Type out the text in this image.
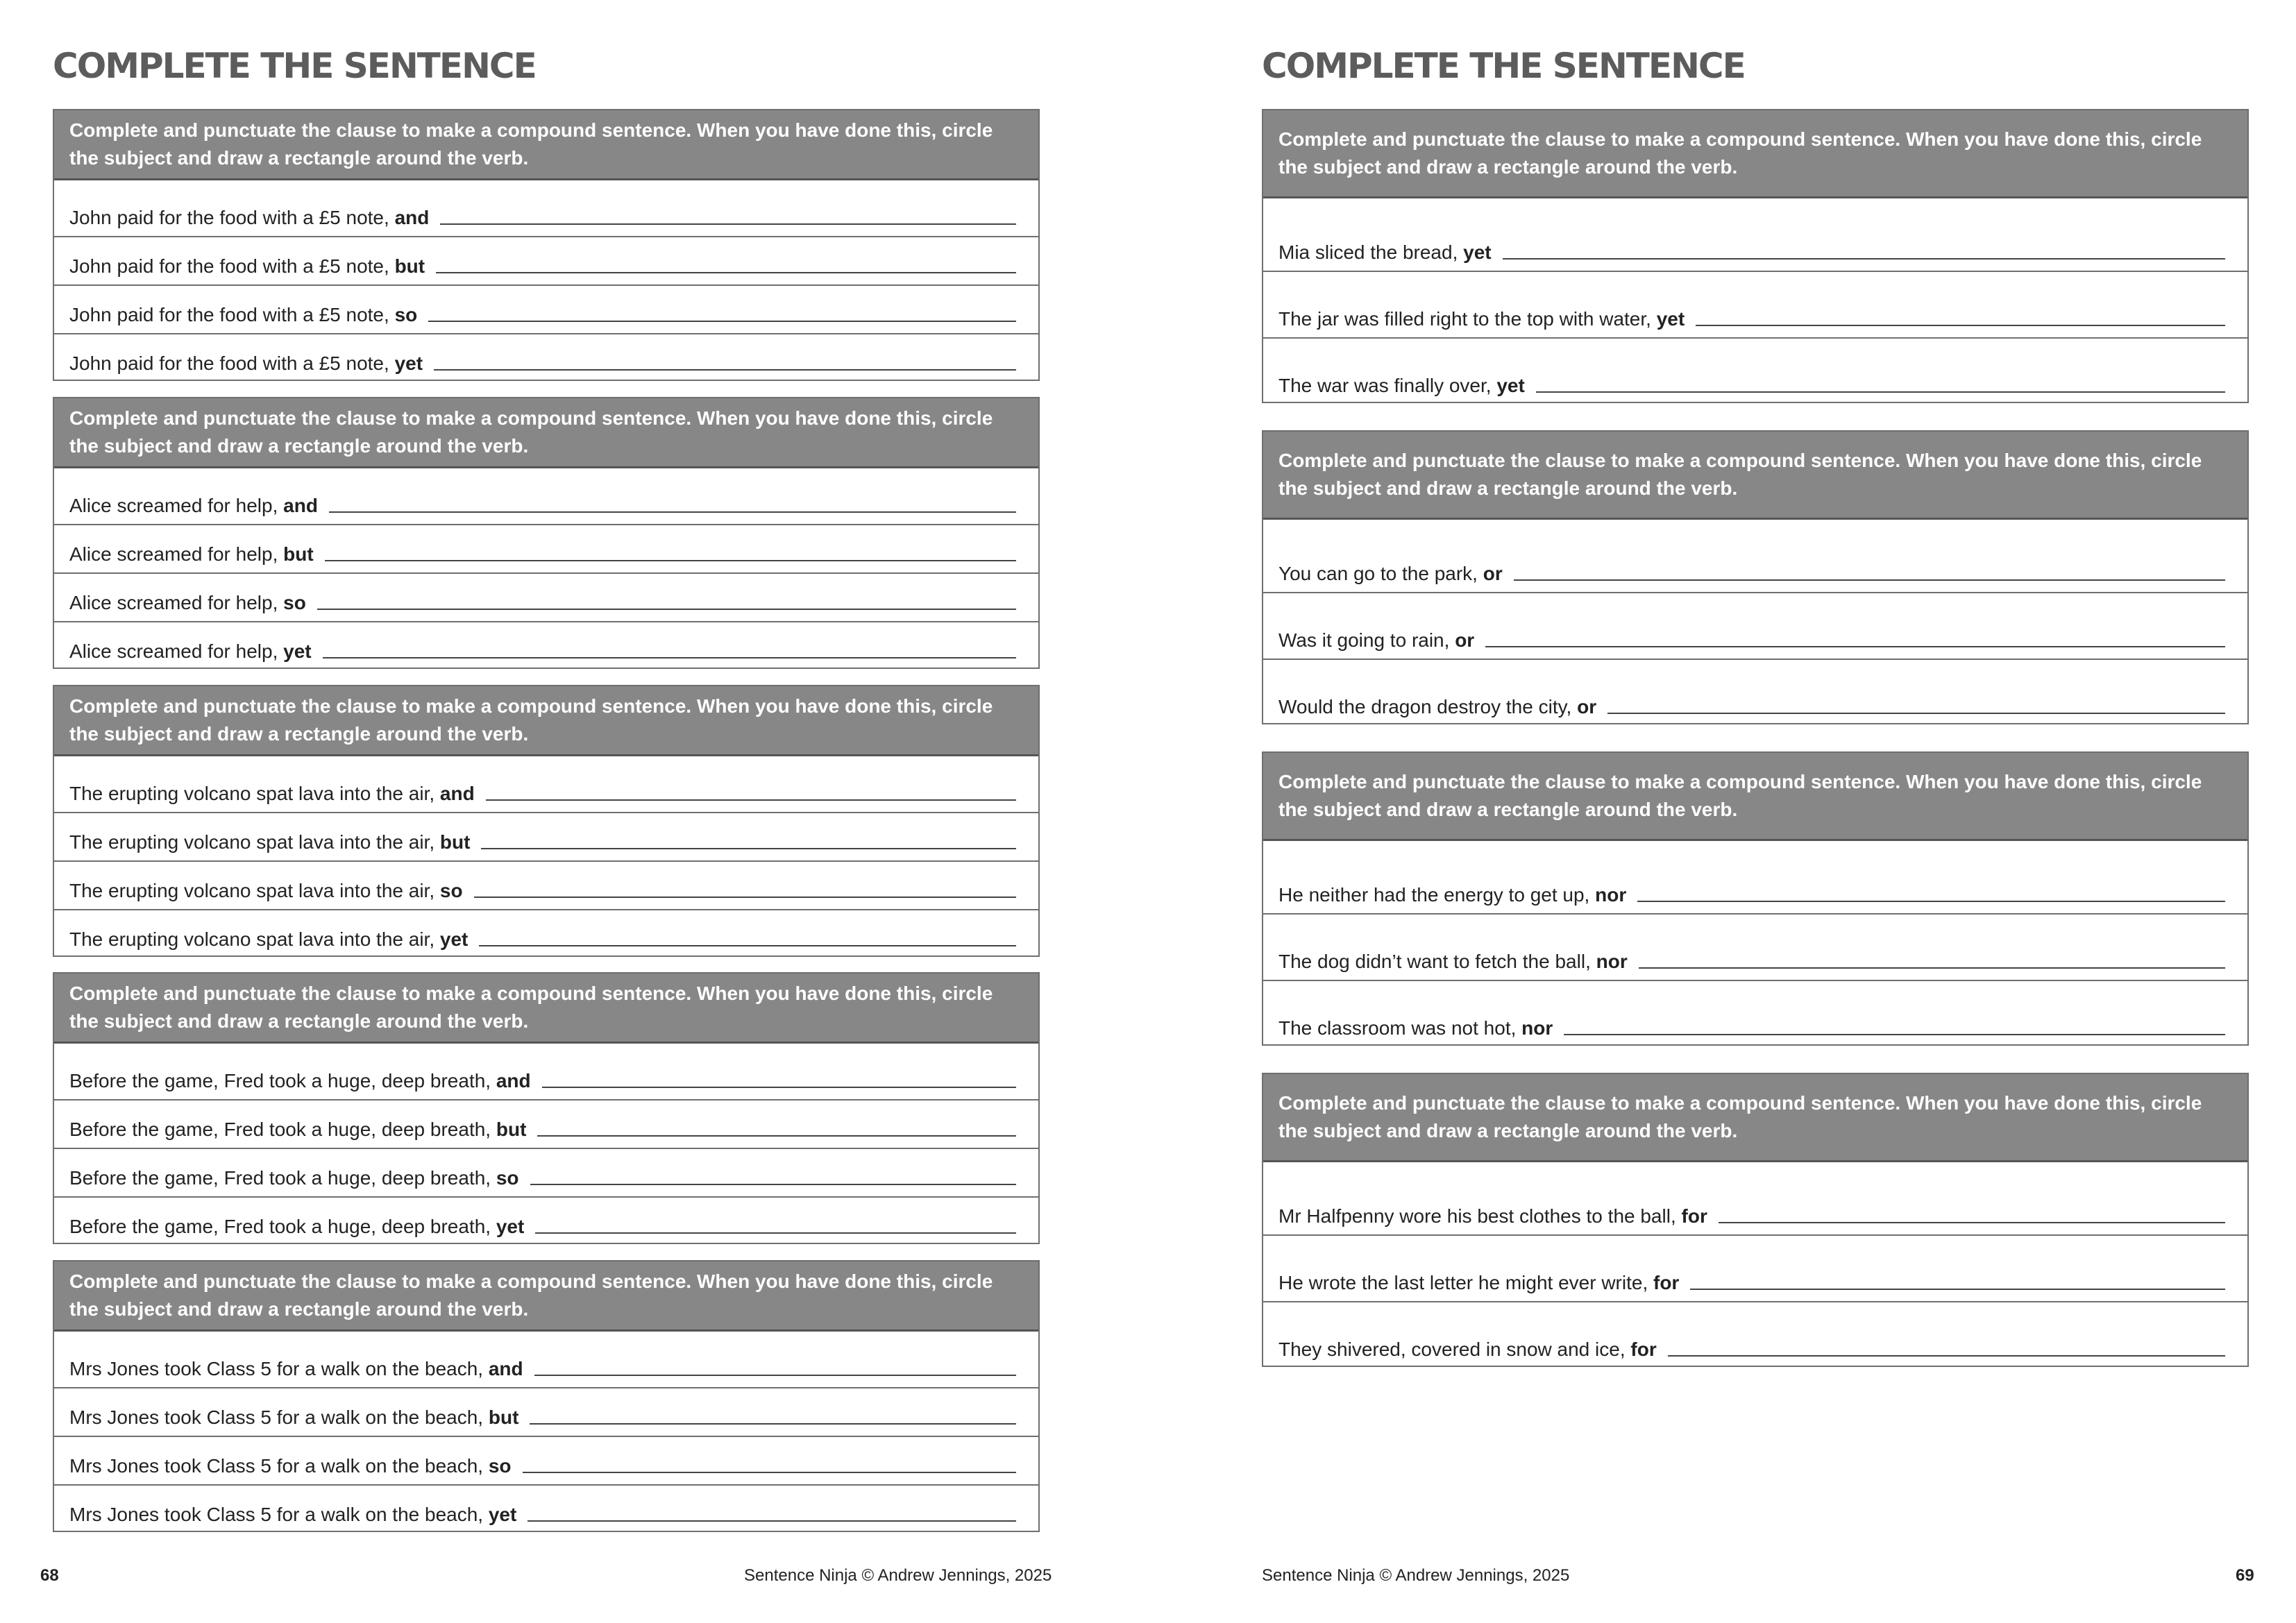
COMPLETE THE SENTENCE
Complete and punctuate the clause to make a compound sentence. When you have done this, circle the subject and draw a rectangle around the verb.
John paid for the food with a £5 note,
and
John paid for the food with a £5 note,
but
John paid for the food with a £5 note,
so
John paid for the food with a £5 note,
yet
Complete and punctuate the clause to make a compound sentence. When you have done this, circle the subject and draw a rectangle around the verb.
Alice screamed for help,
and
Alice screamed for help,
but
Alice screamed for help,
so
Alice screamed for help,
yet
Complete and punctuate the clause to make a compound sentence. When you have done this, circle the subject and draw a rectangle around the verb.
The erupting volcano spat lava into the air,
and
The erupting volcano spat lava into the air,
but
The erupting volcano spat lava into the air,
so
The erupting volcano spat lava into the air,
yet
Complete and punctuate the clause to make a compound sentence. When you have done this, circle the subject and draw a rectangle around the verb.
Before the game, Fred took a huge, deep breath,
and
Before the game, Fred took a huge, deep breath,
but
Before the game, Fred took a huge, deep breath,
so
Before the game, Fred took a huge, deep breath,
yet
Complete and punctuate the clause to make a compound sentence. When you have done this, circle the subject and draw a rectangle around the verb.
Mrs Jones took Class 5 for a walk on the beach,
and
Mrs Jones took Class 5 for a walk on the beach,
but
Mrs Jones took Class 5 for a walk on the beach,
so
Mrs Jones took Class 5 for a walk on the beach,
yet
68	Sentence Ninja © Andrew Jennings, 2025
COMPLETE THE SENTENCE
Complete and punctuate the clause to make a compound sentence. When you have done this, circle the subject and draw a rectangle around the verb.
Mia sliced the bread,
yet
The jar was filled right to the top with water,
yet
The war was finally over,
yet
Complete and punctuate the clause to make a compound sentence. When you have done this, circle the subject and draw a rectangle around the verb.
You can go to the park,
or
Was it going to rain,
or
Would the dragon destroy the city,
or
Complete and punctuate the clause to make a compound sentence. When you have done this, circle the subject and draw a rectangle around the verb.
He neither had the energy to get up,
nor
The dog didn’t want to fetch the ball,
nor
The classroom was not hot,
nor
Complete and punctuate the clause to make a compound sentence. When you have done this, circle the subject and draw a rectangle around the verb.
Mr Halfpenny wore his best clothes to the ball,
for
He wrote the last letter he might ever write,
for
They shivered, covered in snow and ice,
for
Sentence Ninja © Andrew Jennings, 2025	69
